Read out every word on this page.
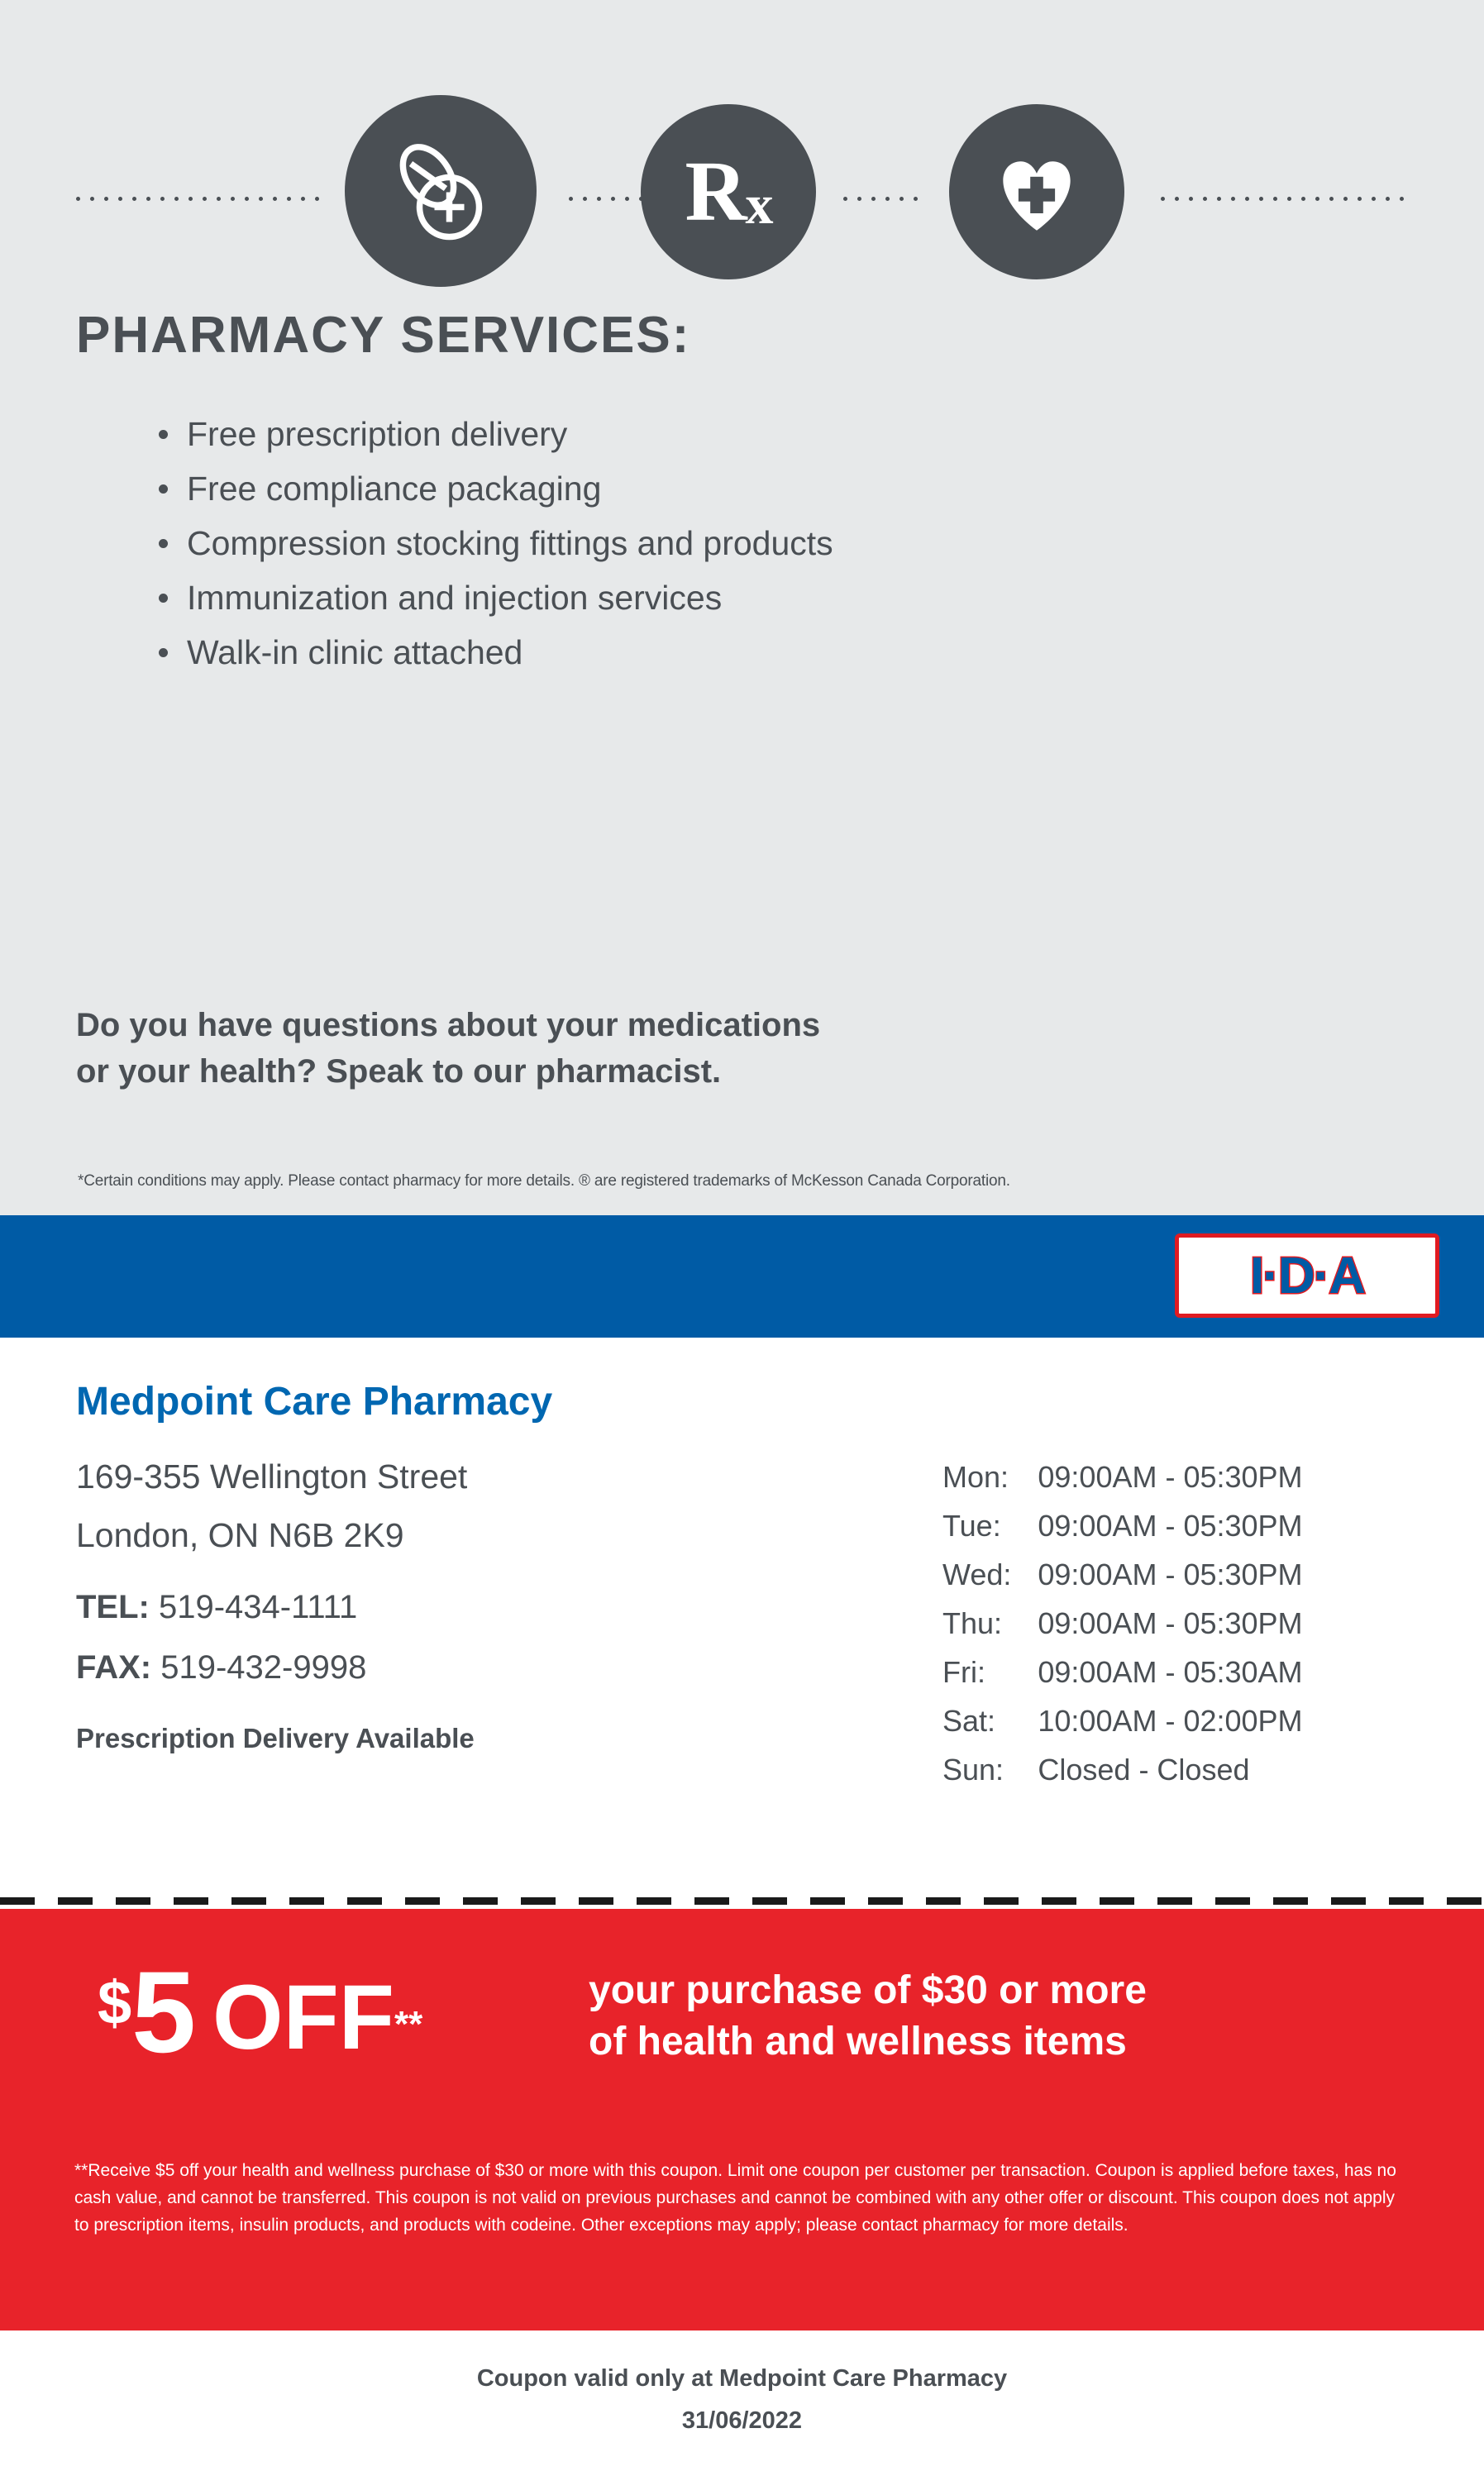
$R_x$
PHARMACY SERVICES:
Free prescription delivery
Free compliance packaging
Compression stocking fittings and products
Immunization and injection services
Walk-in clinic attached
Do you have questions about your medications
or your health? Speak to our pharmacist.
*Certain conditions may apply. Please contact pharmacy for more details. ® are registered trademarks of McKesson Canada Corporation.
I·D·A
Medpoint Care Pharmacy
169-355 Wellington Street
London, ON N6B 2K9
TEL: 519-434-1111
FAX: 519-432-9998
Prescription Delivery Available
Mon:	09:00AM - 05:30PM
Tue:	09:00AM - 05:30PM
Wed:	09:00AM - 05:30PM
Thu:	09:00AM - 05:30PM
Fri:	09:00AM - 05:30AM
Sat:	10:00AM - 02:00PM
Sun:	Closed - Closed
$ 5 OFF **
your purchase of $30 or more
of health and wellness items
**Receive $5 off your health and wellness purchase of $30 or more with this coupon. Limit one coupon per customer per transaction. Coupon is applied before taxes, has no cash value, and cannot be transferred. This coupon is not valid on previous purchases and cannot be combined with any other offer or discount. This coupon does not apply to prescription items, insulin products, and products with codeine. Other exceptions may apply; please contact pharmacy for more details.
Coupon valid only at Medpoint Care Pharmacy
31/06/2022
